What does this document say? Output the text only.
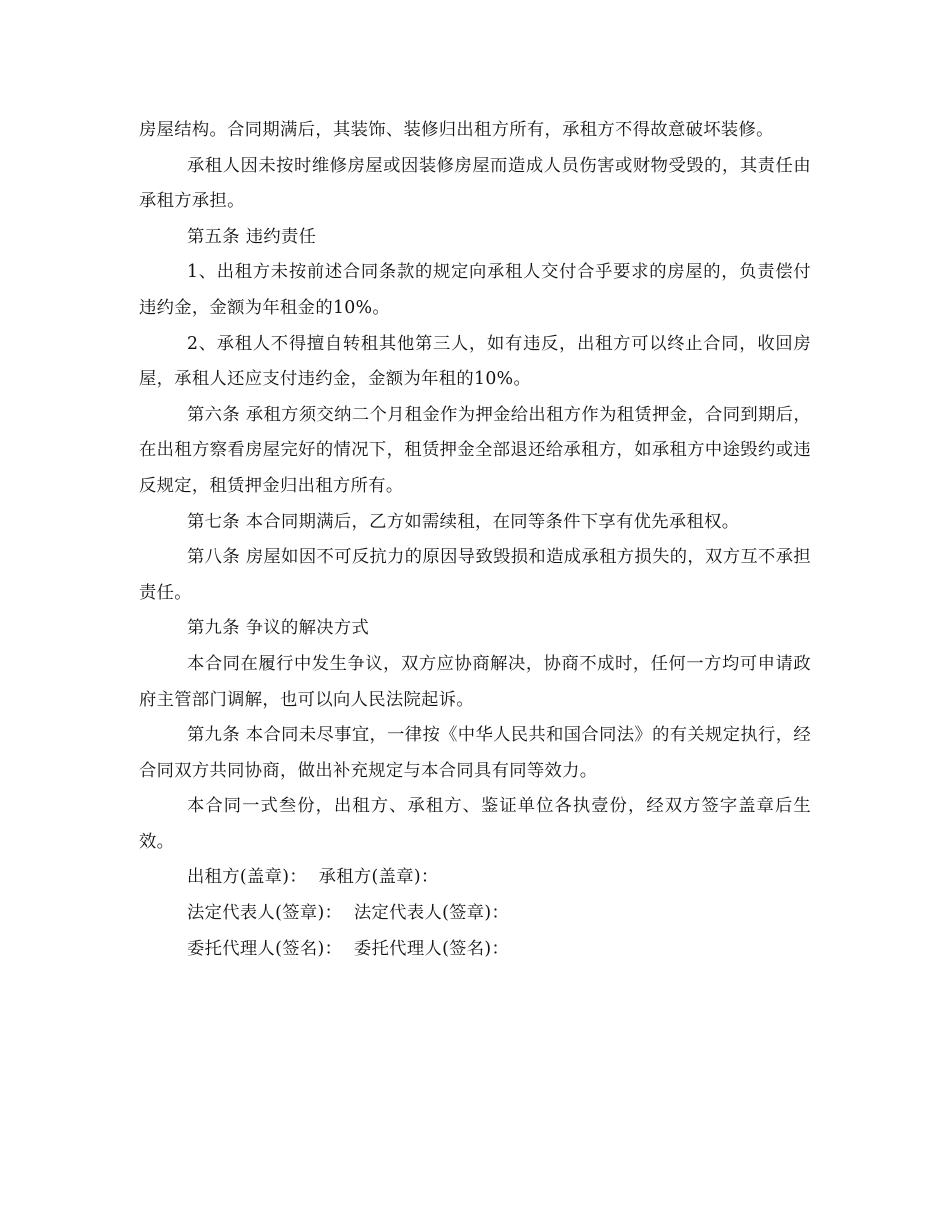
房屋结构。合同期满后，其装饰、装修归出租方所有，承租方不得故意破坏装修。

承租人因未按时维修房屋或因装修房屋而造成人员伤害或财物受毁的，其责任由承租方承担。

第五条 违约责任

1、出租方未按前述合同条款的规定向承租人交付合乎要求的房屋的，负责偿付违约金，金额为年租金的10%。

2、承租人不得擅自转租其他第三人，如有违反，出租方可以终止合同，收回房屋，承租人还应支付违约金，金额为年租的10%。

第六条 承租方须交纳二个月租金作为押金给出租方作为租赁押金，合同到期后，在出租方察看房屋完好的情况下，租赁押金全部退还给承租方，如承租方中途毁约或违反规定，租赁押金归出租方所有。

第七条 本合同期满后，乙方如需续租，在同等条件下享有优先承租权。

第八条 房屋如因不可反抗力的原因导致毁损和造成承租方损失的，双方互不承担责任。

第九条 争议的解决方式

本合同在履行中发生争议，双方应协商解决，协商不成时，任何一方均可申请政府主管部门调解，也可以向人民法院起诉。

第九条 本合同未尽事宜，一律按《中华人民共和国合同法》的有关规定执行，经合同双方共同协商，做出补充规定与本合同具有同等效力。

本合同一式叁份，出租方、承租方、鉴证单位各执壹份，经双方签字盖章后生效。

出租方(盖章)：  承租方(盖章)：

法定代表人(签章)：  法定代表人(签章)：

委托代理人(签名)：  委托代理人(签名)：
